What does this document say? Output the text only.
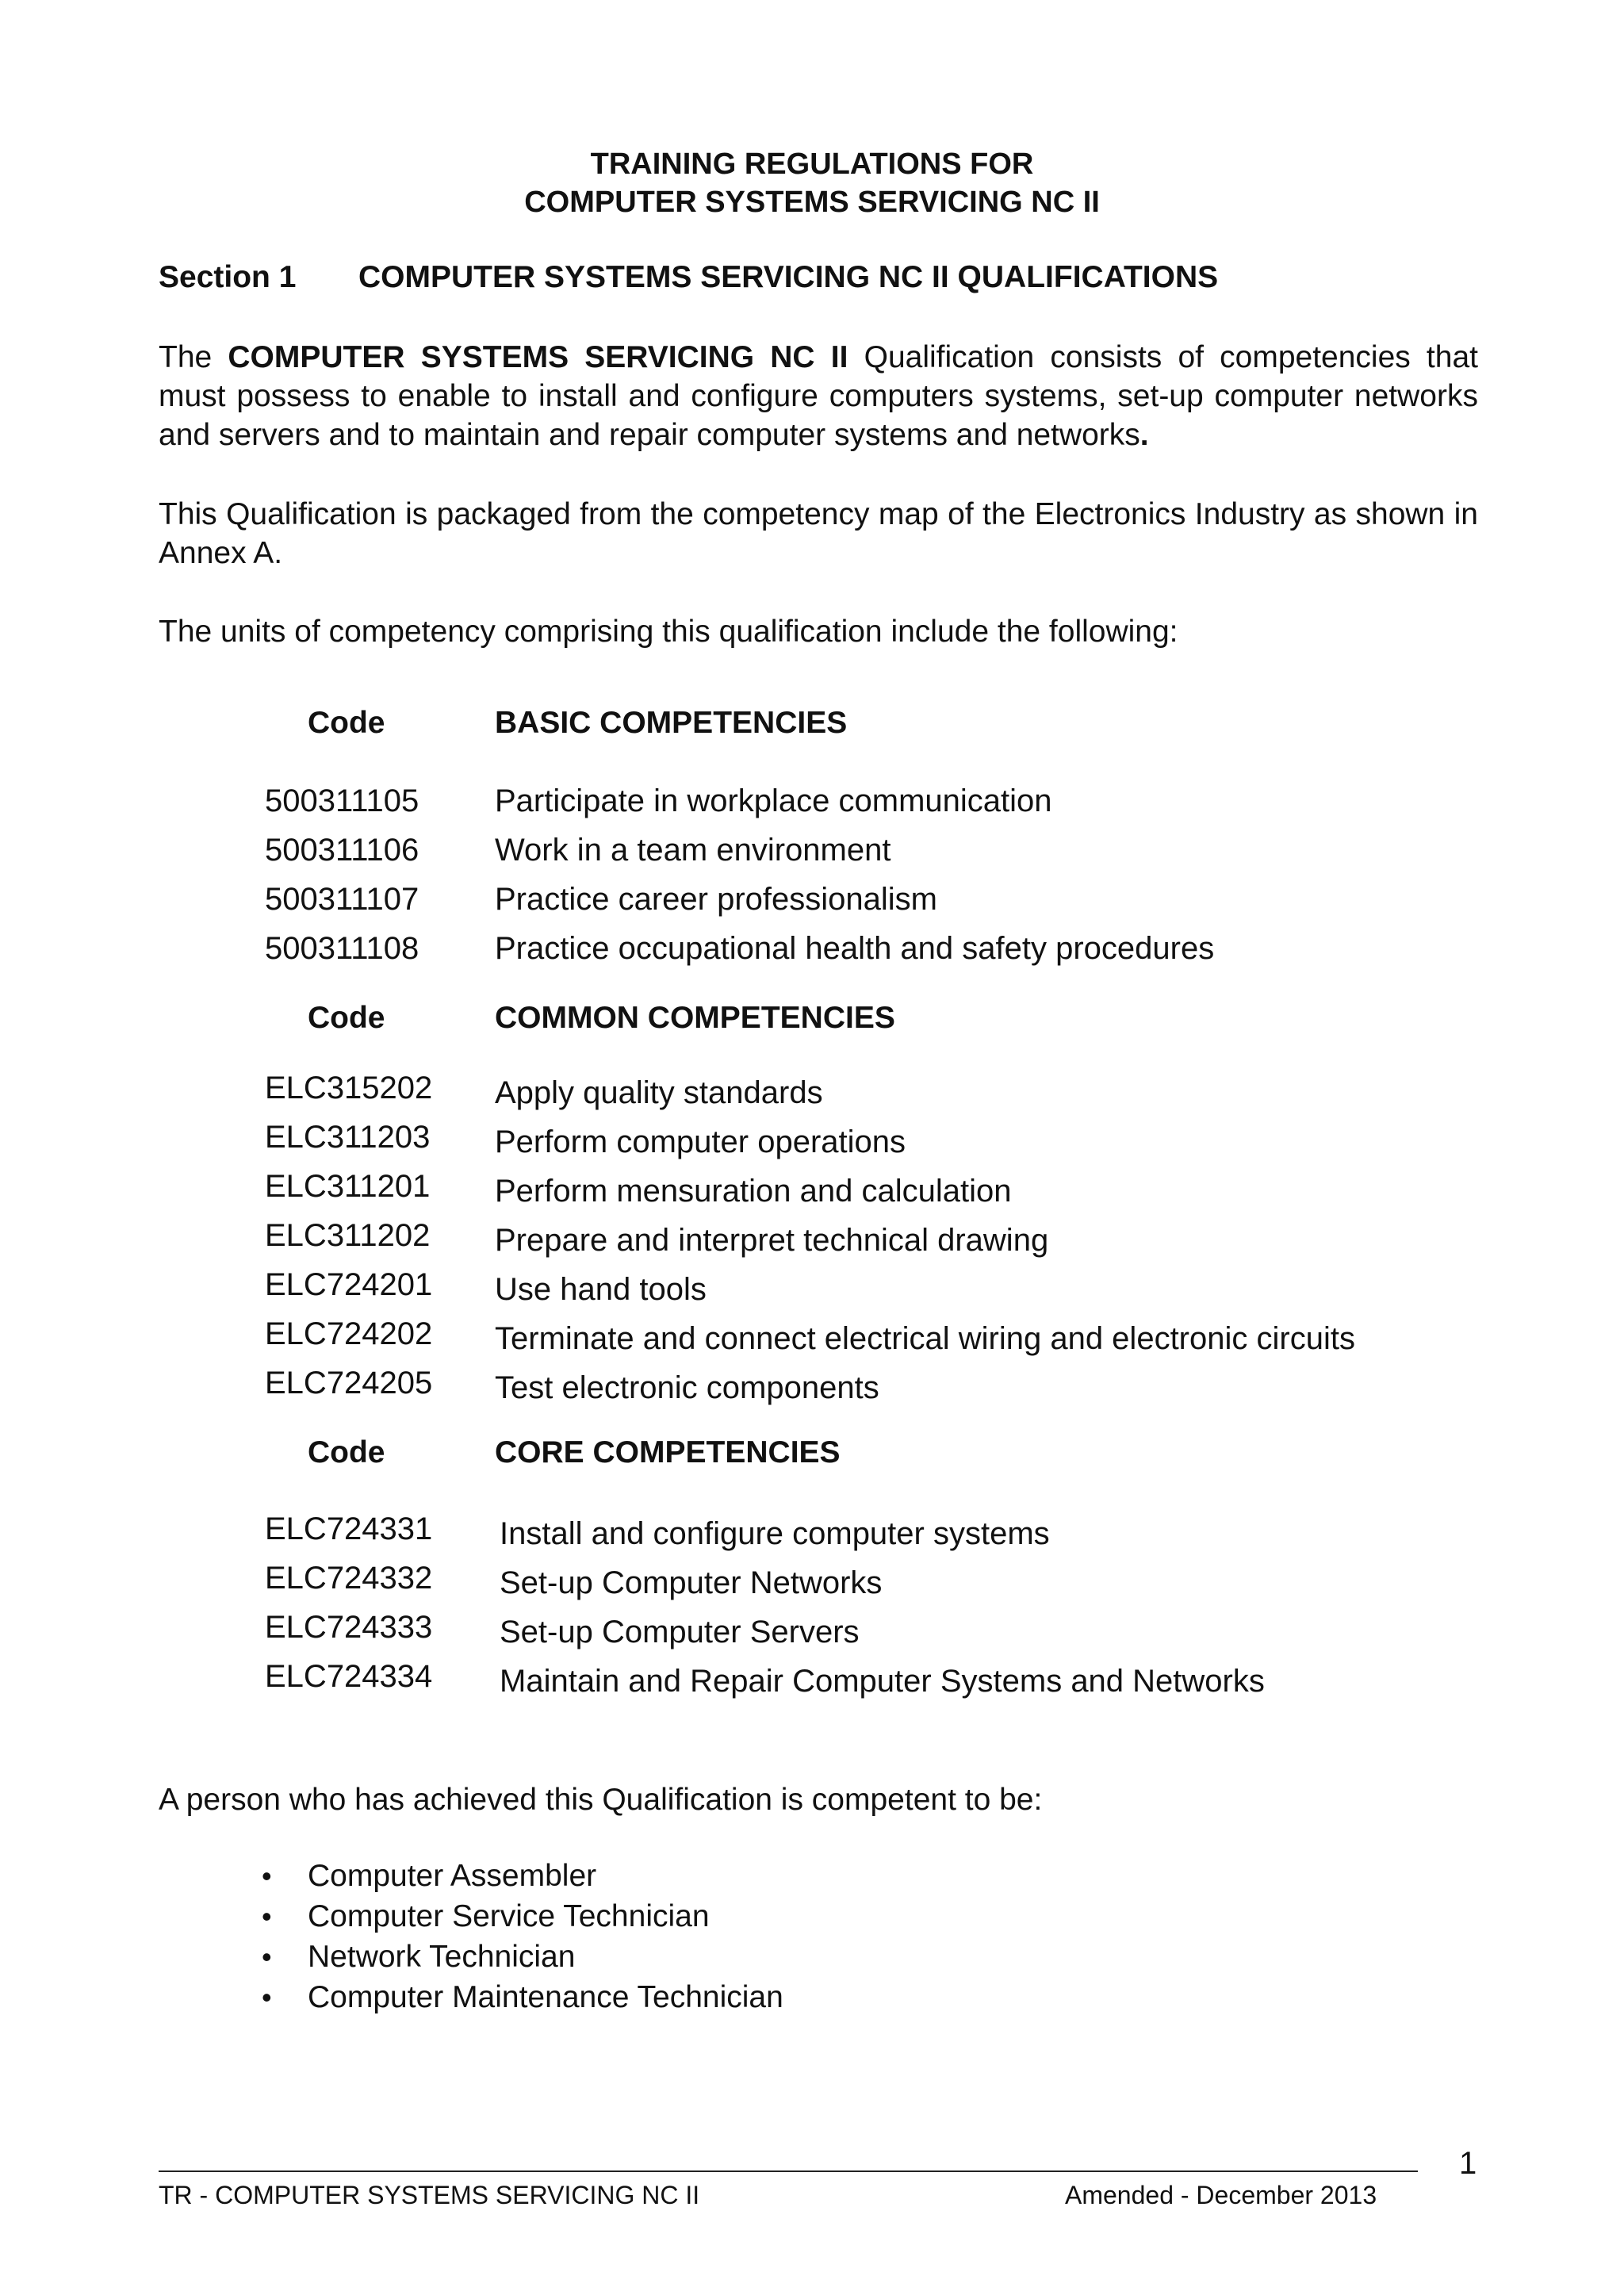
TRAINING REGULATIONS FOR
COMPUTER SYSTEMS SERVICING NC II
Section 1 COMPUTER SYSTEMS SERVICING NC II QUALIFICATIONS

The COMPUTER SYSTEMS SERVICING NC II Qualification consists of competencies that must possess to enable to install and configure computers systems, set-up computer networks and servers and to maintain and repair computer systems and networks.

This Qualification is packaged from the competency map of the Electronics Industry as shown in Annex A.

The units of competency comprising this qualification include the following:

Code	BASIC COMPETENCIES
500311105 Participate in workplace communication
500311106 Work in a team environment
500311107 Practice career professionalism
500311108 Practice occupational health and safety procedures
Code	COMMON COMPETENCIES
ELC315202 Apply quality standards
ELC311203 Perform computer operations
ELC311201 Perform mensuration and calculation
ELC311202 Prepare and interpret technical drawing
ELC724201 Use hand tools
ELC724202 Terminate and connect electrical wiring and electronic circuits
ELC724205 Test electronic components
Code	CORE COMPETENCIES
ELC724331 Install and configure computer systems
ELC724332 Set-up Computer Networks
ELC724333 Set-up Computer Servers
ELC724334 Maintain and Repair Computer Systems and Networks

A person who has achieved this Qualification is competent to be:

• Computer Assembler
• Computer Service Technician
• Network Technician
• Computer Maintenance Technician
TR - COMPUTER SYSTEMS SERVICING NC II	Amended - December 2013
1
